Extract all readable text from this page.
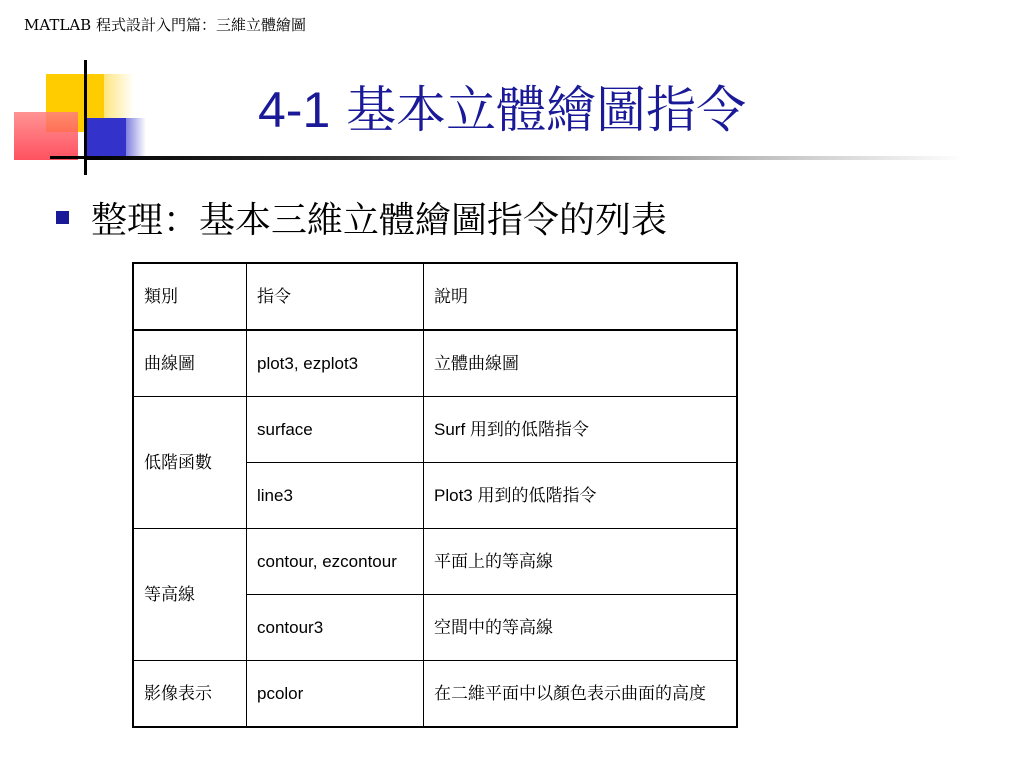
MATLAB 程式設計入門篇：三維立體繪圖
4-1 基本立體繪圖指令
整理：基本三維立體繪圖指令的列表
類別	指令	說明
曲線圖	plot3, ezplot3	立體曲線圖
低階函數	surface	Surf 用到的低階指令
	line3	Plot3 用到的低階指令
等高線	contour, ezcontour	平面上的等高線
	contour3	空間中的等高線
影像表示	pcolor	在二維平面中以顏色表示曲面的高度
